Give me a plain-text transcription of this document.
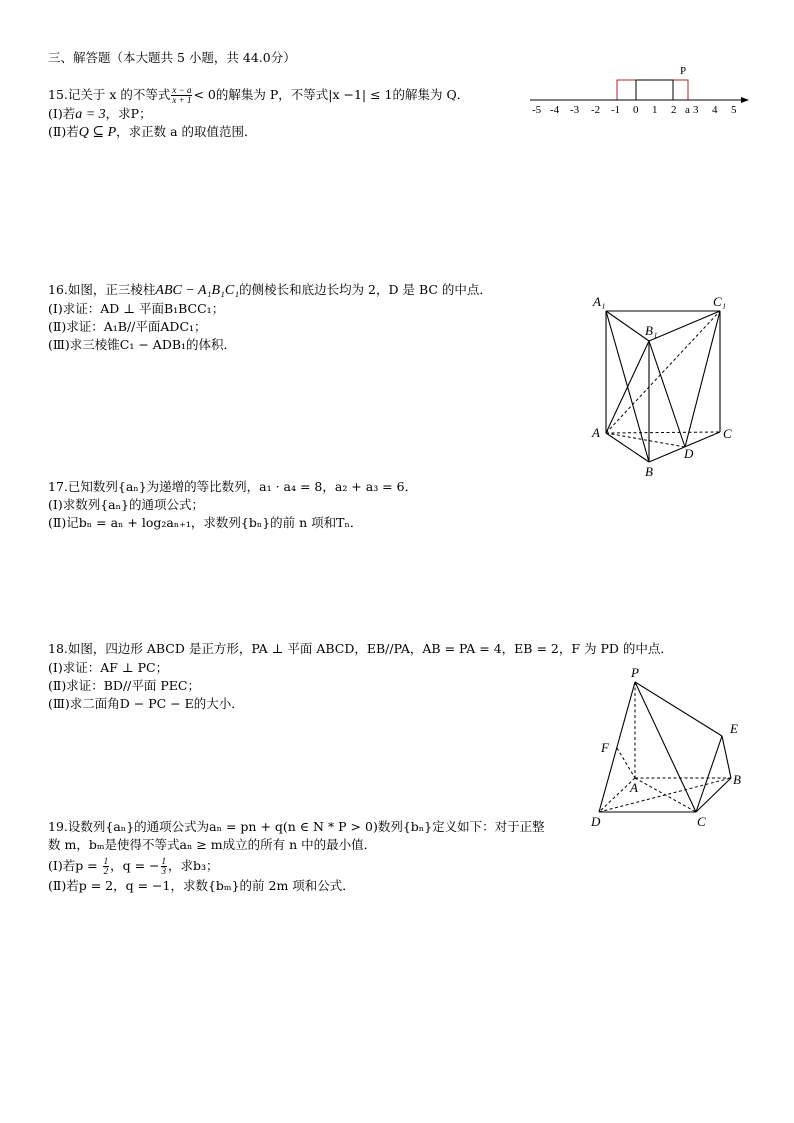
三、解答题（本大题共 5 小题，共 44.0分）
15.记关于 x 的不等式 $\frac{x - a}{x + 1} < 0$的解集为 P，不等式|x −1| ≤ 1的解集为 Q．
(Ⅰ)若a = 3，求P；
(Ⅱ)若Q ⊆ P，求正数 a 的取值范围．
P
-5 -4 -3 -2 -1 0 1 2 a 3 4 5
16.如图，正三棱柱ABC − A₁B₁C₁的侧棱长和底边长均为 2，D 是 BC 的中点．
(Ⅰ)求证：AD ⊥ 平面B₁BCC₁；
(Ⅱ)求证：A₁B//平面ADC₁；
(Ⅲ)求三棱锥C₁ − ADB₁的体积．
A₁	C₁
B₁
A	C
B
D
17.已知数列{aₙ}为递增的等比数列，a₁ · a₄ = 8，a₂ + a₃ = 6．
(Ⅰ)求数列{aₙ}的通项公式；
(Ⅱ)记bₙ = aₙ + log₂aₙ₊₁，求数列{bₙ}的前 n 项和Tₙ．
18.如图，四边形 ABCD 是正方形，PA ⊥ 平面 ABCD，EB//PA，AB = PA = 4，EB = 2，F 为 PD 的中点．
(Ⅰ)求证：AF ⊥ PC；
(Ⅱ)求证：BD//平面 PEC；
(Ⅲ)求二面角D − PC − E的大小．
P
E
F
A
B
C
D
19.设数列{aₙ}的通项公式为aₙ = pn + q(n ∈ N * P > 0)数列{bₙ}定义如下：对于正整
数 m，bₘ是使得不等式aₙ ≥ m成立的所有 n 中的最小值．
(Ⅰ)若$p = \frac{1}{2}$ ，q = − $\frac{1}{3}$ ，求b₃；
(Ⅱ)若p = 2，q = −1，求数{bₘ}的前 2m 项和公式．
